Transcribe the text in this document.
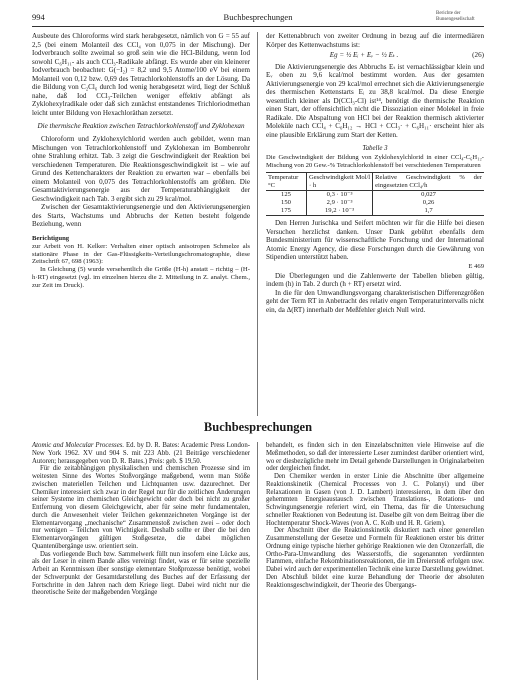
994	Buchbesprechungen	Berichte der
Bunsengesellschaft

Ausbeute des Chloroforms wird stark herabgesetzt, nämlich von G = 55 auf 2,5 (bei einem Molanteil des CCl₄ von 0,075 in der Mischung). Der Iodverbrauch sollte zweimal so groß sein wie die HCl-Bildung, wenn Iod sowohl C₆H₁₁- als auch CCl₃-Radikale abfängt. Es wurde aber ein kleinerer Iodverbrauch beobachtet: G(−I₂) = 8,2 und 9,5 Atome/100 eV bei einem Molanteil von 0,12 bzw. 0,69 des Tetrachlorkohlenstoffs an der Lösung. Da die Bildung von C₂Cl₆ durch Iod wenig herabgesetzt wird, liegt der Schluß nahe, daß Iod CCl₃-Teilchen weniger effektiv abfängt als Zyklohexylradikale oder daß sich zunächst entstandenes Trichloriodmethan leicht unter Bildung von Hexachloräthan zersetzt.

Die thermische Reaktion zwischen Tetrachlorkohlenstoff und Zyklohexan

Chloroform und Zyklohexylchlorid werden auch gebildet, wenn man Mischungen von Tetrachlorkohlenstoff und Zyklohexan im Bombenrohr ohne Strahlung erhitzt. Tab. 3 zeigt die Geschwindigkeit der Reaktion bei verschiedenen Temperaturen. Die Reaktionsgeschwindigkeit ist – wie auf Grund des Kettencharakters der Reaktion zu erwarten war – ebenfalls bei einem Molanteil von 0,075 des Tetrachlorkohlenstoffs am größten. Die Gesamtaktivierungsenergie aus der Temperaturabhängigkeit der Geschwindigkeit nach Tab. 3 ergibt sich zu 29 kcal/mol.

Zwischen der Gesamtaktivierungsenergie und den Aktivierungsenergien des Starts, Wachstums und Abbruchs der Ketten besteht folgende Beziehung, wenn

Berichtigung
zur Arbeit von H. Kelker: Verhalten einer optisch anisotropen Schmelze als stationäre Phase in der Gas-Flüssigkeits-Verteilungschromatographie, diese Zeitschrift 67, 698 (1963):
In Gleichung (5) wurde versehentlich die Größe (H-h) anstatt – richtig – (H-h·RT) eingesetzt (vgl. im einzelnen hierzu die 2. Mitteilung in Z. analyt. Chem., zur Zeit im Druck).

der Kettenabbruch von zweiter Ordnung in bezug auf die intermediären Körper des Kettenwachstums ist:

Eɡ = ½ Eᵢ + Eᵥ − ½ Eₜ .	(26)

Die Aktivierungsenergie des Abbruchs Eₜ ist vernachlässigbar klein und Eᵥ oben zu 9,6 kcal/mol bestimmt worden. Aus der gesamten Aktivierungsenergie von 29 kcal/mol errechnet sich die Aktivierungsenergie des thermischen Kettenstarts Eᵢ zu 38,8 kcal/mol. Da diese Energie wesentlich kleiner als D(CCl₃-Cl) ist¹⁴, benötigt die thermische Reaktion einen Start, der offensichtlich nicht die Dissoziation einer Molekel in freie Radikale. Die Abspaltung von HCl bei der Reaktion thermisch aktivierter Moleküle nach CCl₄ + C₆H₁₂ → HCl + CCl₃· + C₆H₁₁· erscheint hier als eine plausible Erklärung zum Start der Ketten.

Tabelle 3

Die Geschwindigkeit der Bildung von Zyklohexylchlorid in einer CCl₄-C₆H₁₂-Mischung von 20 Gew.-% Tetrachlorkohlenstoff bei verschiedenen Temperaturen

Temperatur °C	Geschwindigkeit Mol/l · h	Relative Geschwindigkeit % der eingesetzten CCl₄/h
125	0,3 · 10⁻³	0,027
150	2,9 · 10⁻³	0,26
175	19,2 · 10⁻³	1,7

Den Herren Jurischka und Seifert möchten wir für die Hilfe bei diesen Versuchen herzlichst danken. Unser Dank gebührt ebenfalls dem Bundesministerium für wissenschaftliche Forschung und der International Atomic Energy Agency, die diese Forschungen durch die Gewährung von Stipendien unterstützt haben.

E 469

Die Überlegungen und die Zahlenwerte der Tabellen blieben gültig, indem (h) in Tab. 2 durch (h + RT) ersetzt wird.

In die für den Umwandlungsvorgang charakteristischen Differenzgrößen geht der Term RT in Anbetracht des relativ engen Temperaturintervalls nicht ein, da Δ(RT) innerhalb der Meßfehler gleich Null wird.

Buchbesprechungen

Atomic and Molecular Processes. Ed. by D. R. Bates: Academic Press London-New York 1962. XV und 904 S. mit 223 Abb. (21 Beiträge verschiedener Autoren; herausgegeben von D. R. Bates.) Preis: geb. $ 19,50.

Für die zeitabhängigen physikalischen und chemischen Prozesse sind im weitesten Sinne des Wortes Stoßvorgänge maßgebend, wenn man Stöße zwischen materiellen Teilchen und Lichtquanten usw. dazurechnet. Der Chemiker interessiert sich zwar in der Regel nur für die zeitlichen Änderungen seiner Systeme im chemischen Gleichgewicht oder doch bei nicht zu großer Entfernung von diesem Gleichgewicht, aber für seine mehr fundamentalen, durch die Anwesenheit vieler Teilchen gekennzeichneten Vorgänge ist der Elementarvorgang „mechanische“ Zusammenstoß zwischen zwei – oder doch nur wenigen – Teilchen von Wichtigkeit. Deshalb sollte er über die bei den Elementarvorgängen gültigen Stoßgesetze, die dabei möglichen Quantenübergänge usw. orientiert sein.

Das vorliegende Buch bzw. Sammelwerk füllt nun insofern eine Lücke aus, als der Leser in einem Bande alles vereinigt findet, was er für seine spezielle Arbeit an Kenntnissen über sonstige elementare Stoßprozesse benötigt, wobei der Schwerpunkt der Gesamtdarstellung des Buches auf der Erfassung der Fortschritte in den Jahren nach dem Kriege liegt. Dabei wird nicht nur die theoretische Seite der maßgebenden Vorgänge

behandelt, es finden sich in den Einzelabschnitten viele Hinweise auf die Meßmethoden, so daß der interessierte Leser zumindest darüber orientiert wird, wo er diesbezügliche mehr im Detail gehende Darstellungen in Originalarbeiten oder dergleichen findet.

Den Chemiker werden in erster Linie die Abschnitte über allgemeine Reaktionskinetik (Chemical Processes von J. C. Polanyi) und über Relaxationen in Gasen (von J. D. Lambert) interessieren, in dem über den gehemmten Energieaustausch zwischen Translations-, Rotations- und Schwingungsenergie referiert wird, ein Thema, das für die Untersuchung schneller Reaktionen von Bedeutung ist. Daselbe gilt von dem Beitrag über die Hochtemperatur Shock-Waves (von A. C. Kolb und H. R. Griem).

Der Abschnitt über die Reaktionskinetik diskutiert nach einer generellen Zusammenstellung der Gesetze und Formeln für Reaktionen erster bis dritter Ordnung einige typische hierher gehörige Reaktionen wie den Ozonzerfall, die Ortho-Para-Umwandlung des Wasserstoffs, die sogenannten verdünnten Flammen, einfache Rekombinationsreaktionen, die im Dreierstoß erfolgen usw. Dabei wird auch der experimentellen Technik eine kurze Darstellung gewidmet. Den Abschluß bildet eine kurze Behandlung der Theorie der absoluten Reaktionsgeschwindigkeit, der Theorie des Übergangs-
